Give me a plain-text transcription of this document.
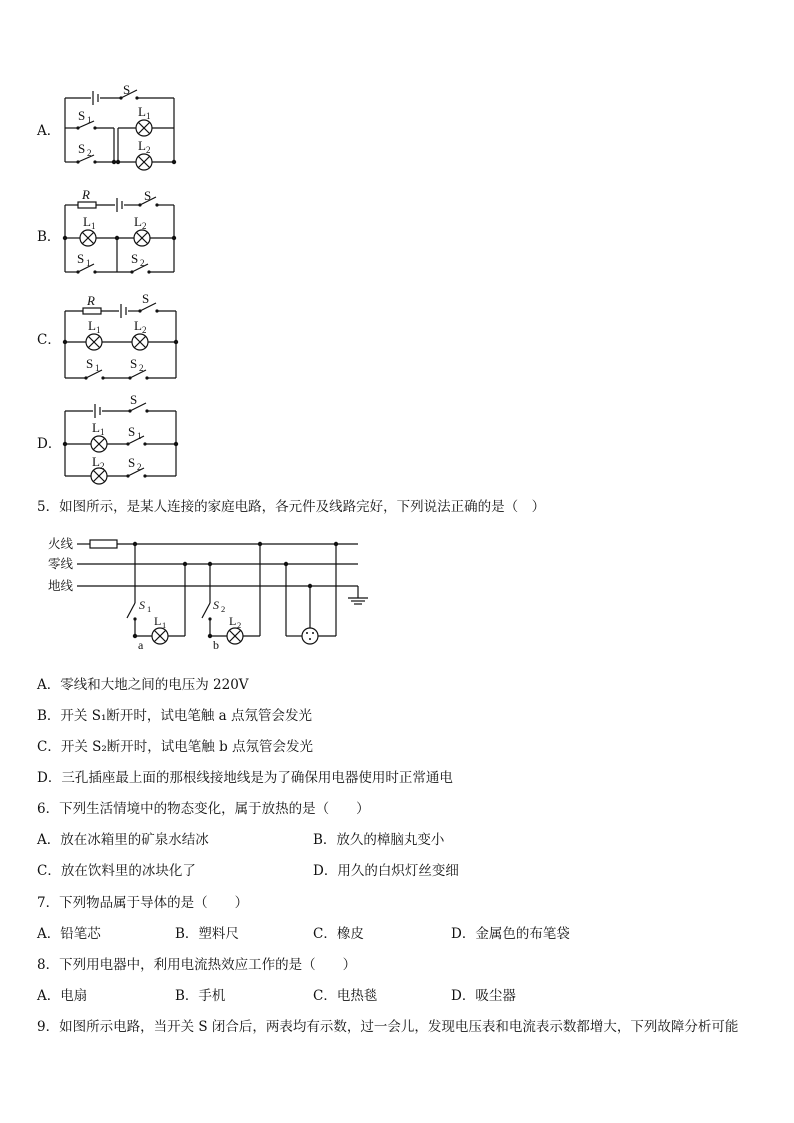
A．
B．
C．
D．
S
S 1
S 2
L 1
L 2
R	S
L 1	L 2
S 1	S 2
R	S
L 1	L 2
S 1 S 2
S
L 1 S 1
L 2 S 2
5．如图所示，是某人连接的家庭电路，各元件及线路完好，下列说法正确的是（　）
火线
零线
地线
S 1	S 2
L 1	L 2
a	b
A．零线和大地之间的电压为 220V
B．开关 S₁断开时，试电笔触 a 点氖管会发光
C．开关 S₂断开时，试电笔触 b 点氖管会发光
D．三孔插座最上面的那根线接地线是为了确保用电器使用时正常通电
6．下列生活情境中的物态变化，属于放热的是（　　）
A．放在冰箱里的矿泉水结冰	B．放久的樟脑丸变小
C．放在饮料里的冰块化了	D．用久的白炽灯丝变细
7．下列物品属于导体的是（　　）
A．铅笔芯	B．塑料尺	C．橡皮	D．金属色的布笔袋
8．下列用电器中，利用电流热效应工作的是（　　）
A．电扇	B．手机	C．电热毯	D．吸尘器
9．如图所示电路，当开关 S 闭合后，两表均有示数，过一会儿，发现电压表和电流表示数都增大，下列故障分析可能
